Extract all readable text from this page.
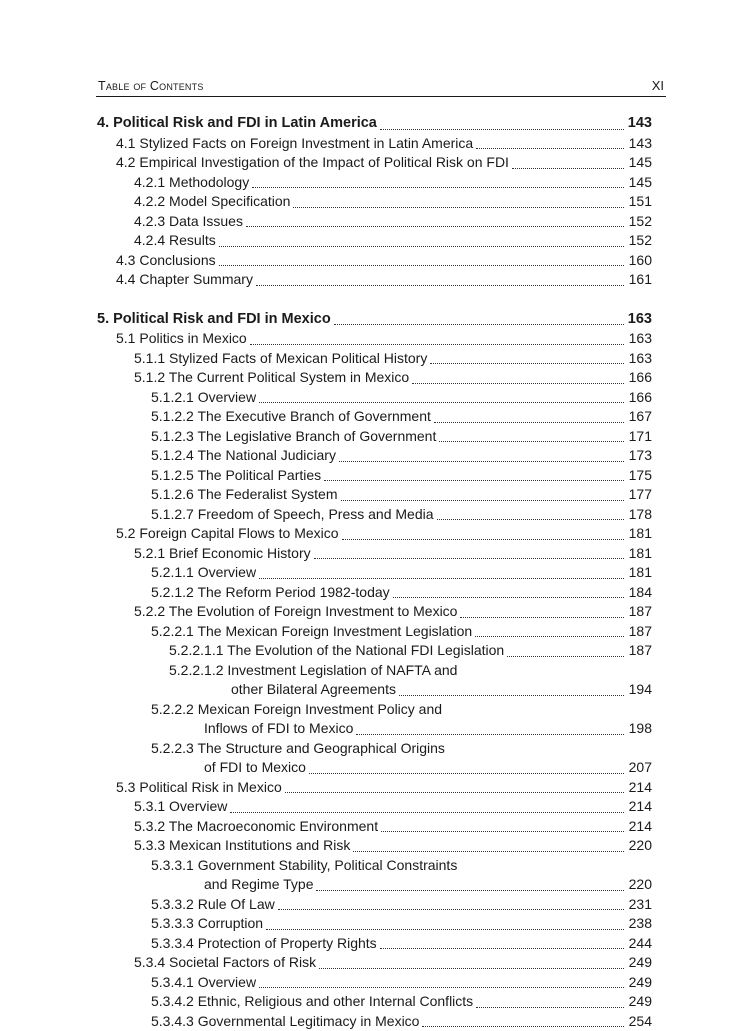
Table of Contents	XI
4. Political Risk and FDI in Latin America	143
4.1 Stylized Facts on Foreign Investment in Latin America	143
4.2 Empirical Investigation of the Impact of Political Risk on FDI	145
4.2.1 Methodology	145
4.2.2 Model Specification	151
4.2.3 Data Issues	152
4.2.4 Results	152
4.3 Conclusions	160
4.4 Chapter Summary	161
5. Political Risk and FDI in Mexico	163
5.1 Politics in Mexico	163
5.1.1 Stylized Facts of Mexican Political History	163
5.1.2 The Current Political System in Mexico	166
5.1.2.1 Overview	166
5.1.2.2 The Executive Branch of Government	167
5.1.2.3 The Legislative Branch of Government	171
5.1.2.4 The National Judiciary	173
5.1.2.5 The Political Parties	175
5.1.2.6 The Federalist System	177
5.1.2.7 Freedom of Speech, Press and Media	178
5.2 Foreign Capital Flows to Mexico	181
5.2.1 Brief Economic History	181
5.2.1.1 Overview	181
5.2.1.2 The Reform Period 1982-today	184
5.2.2 The Evolution of Foreign Investment to Mexico	187
5.2.2.1 The Mexican Foreign Investment Legislation	187
5.2.2.1.1 The Evolution of the National FDI Legislation	187
5.2.2.1.2 Investment Legislation of NAFTA and
other Bilateral Agreements	194
5.2.2.2 Mexican Foreign Investment Policy and
Inflows of FDI to Mexico	198
5.2.2.3 The Structure and Geographical Origins
of FDI to Mexico	207
5.3 Political Risk in Mexico	214
5.3.1 Overview	214
5.3.2 The Macroeconomic Environment	214
5.3.3 Mexican Institutions and Risk	220
5.3.3.1 Government Stability, Political Constraints
and Regime Type	220
5.3.3.2 Rule Of Law	231
5.3.3.3 Corruption	238
5.3.3.4 Protection of Property Rights	244
5.3.4 Societal Factors of Risk	249
5.3.4.1 Overview	249
5.3.4.2 Ethnic, Religious and other Internal Conflicts	249
5.3.4.3 Governmental Legitimacy in Mexico	254
